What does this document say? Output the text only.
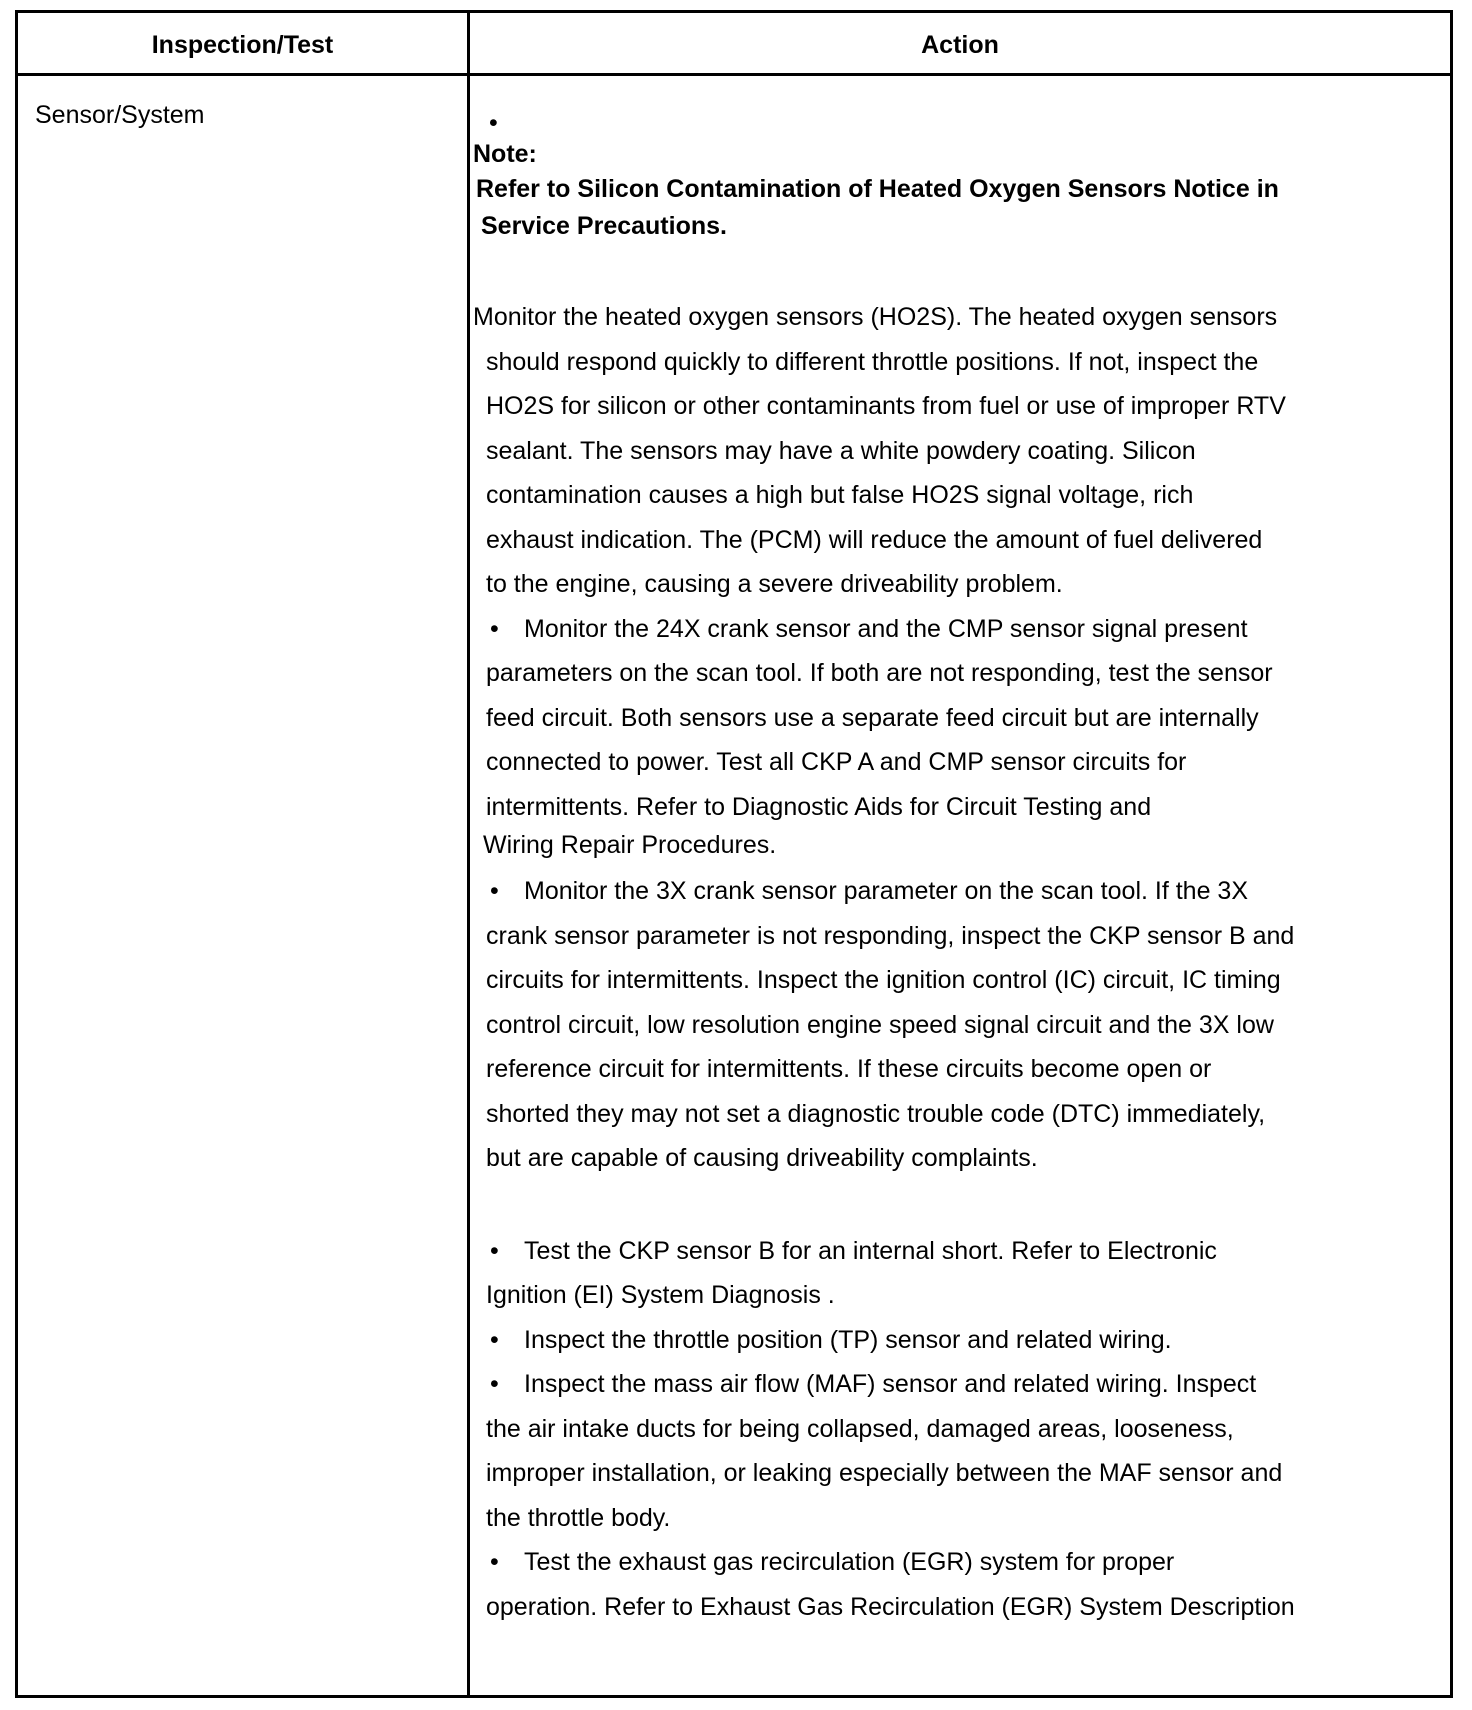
Inspection/Test	Action
Sensor/System	•
Note:
Refer to Silicon Contamination of Heated Oxygen Sensors Notice in
Service Precautions.
Monitor the heated oxygen sensors (HO2S). The heated oxygen sensors
should respond quickly to different throttle positions. If not, inspect the
HO2S for silicon or other contaminants from fuel or use of improper RTV
sealant. The sensors may have a white powdery coating. Silicon
contamination causes a high but false HO2S signal voltage, rich
exhaust indication. The (PCM) will reduce the amount of fuel delivered
to the engine, causing a severe driveability problem.
• Monitor the 24X crank sensor and the CMP sensor signal present
parameters on the scan tool. If both are not responding, test the sensor
feed circuit. Both sensors use a separate feed circuit but are internally
connected to power. Test all CKP A and CMP sensor circuits for
intermittents. Refer to Diagnostic Aids for Circuit Testing and
Wiring Repair Procedures.
• Monitor the 3X crank sensor parameter on the scan tool. If the 3X
crank sensor parameter is not responding, inspect the CKP sensor B and
circuits for intermittents. Inspect the ignition control (IC) circuit, IC timing
control circuit, low resolution engine speed signal circuit and the 3X low
reference circuit for intermittents. If these circuits become open or
shorted they may not set a diagnostic trouble code (DTC) immediately,
but are capable of causing driveability complaints.
• Test the CKP sensor B for an internal short. Refer to Electronic
Ignition (EI) System Diagnosis .
• Inspect the throttle position (TP) sensor and related wiring.
• Inspect the mass air flow (MAF) sensor and related wiring. Inspect
the air intake ducts for being collapsed, damaged areas, looseness,
improper installation, or leaking especially between the MAF sensor and
the throttle body.
• Test the exhaust gas recirculation (EGR) system for proper
operation. Refer to Exhaust Gas Recirculation (EGR) System Description
